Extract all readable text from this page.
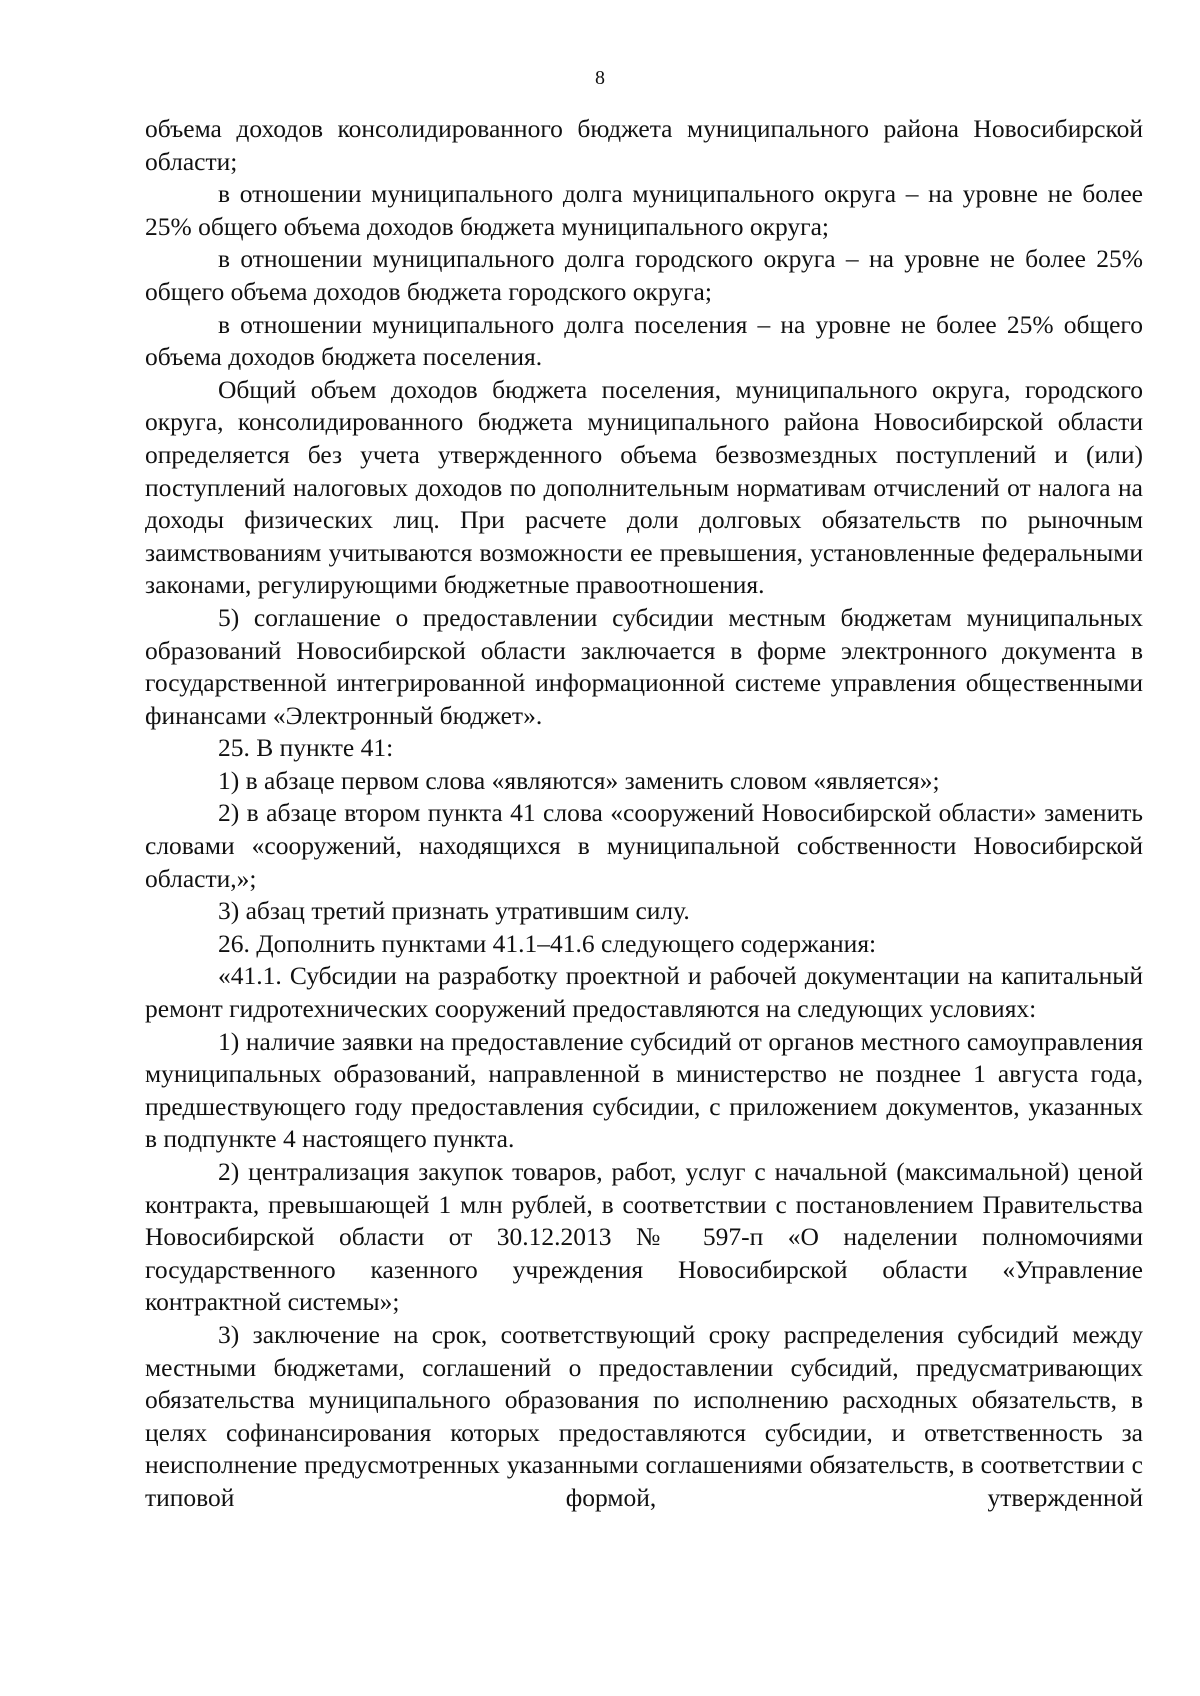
8

объема доходов консолидированного бюджета муниципального района Новосибирской области;

в отношении муниципального долга муниципального округа – на уровне не более 25% общего объема доходов бюджета муниципального округа;

в отношении муниципального долга городского округа – на уровне не более 25% общего объема доходов бюджета городского округа;

в отношении муниципального долга поселения – на уровне не более 25% общего объема доходов бюджета поселения.

Общий объем доходов бюджета поселения, муниципального округа, городского округа, консолидированного бюджета муниципального района Новосибирской области определяется без учета утвержденного объема безвозмездных поступлений и (или) поступлений налоговых доходов по дополнительным нормативам отчислений от налога на доходы физических лиц. При расчете доли долговых обязательств по рыночным заимствованиям учитываются возможности ее превышения, установленные федеральными законами, регулирующими бюджетные правоотношения.

5) соглашение о предоставлении субсидии местным бюджетам муниципальных образований Новосибирской области заключается в форме электронного документа в государственной интегрированной информационной системе управления общественными финансами «Электронный бюджет».

25. В пункте 41:

1) в абзаце первом слова «являются» заменить словом «является»;

2) в абзаце втором пункта 41 слова «сооружений Новосибирской области» заменить словами «сооружений, находящихся в муниципальной собственности Новосибирской области,»;

3) абзац третий признать утратившим силу.

26. Дополнить пунктами 41.1–41.6 следующего содержания:

«41.1. Субсидии на разработку проектной и рабочей документации на капитальный ремонт гидротехнических сооружений предоставляются на следующих условиях:

1) наличие заявки на предоставление субсидий от органов местного самоуправления муниципальных образований, направленной в министерство не позднее 1 августа года, предшествующего году предоставления субсидии, с приложением документов, указанных в подпункте 4 настоящего пункта.

2) централизация закупок товаров, работ, услуг с начальной (максимальной) ценой контракта, превышающей 1 млн рублей, в соответствии с постановлением Правительства Новосибирской области от 30.12.2013 № 597-п «О наделении полномочиями государственного казенного учреждения Новосибирской области «Управление контрактной системы»;

3) заключение на срок, соответствующий сроку распределения субсидий между местными бюджетами, соглашений о предоставлении субсидий, предусматривающих обязательства муниципального образования по исполнению расходных обязательств, в целях софинансирования которых предоставляются субсидии, и ответственность за неисполнение предусмотренных указанными соглашениями обязательств, в соответствии с типовой формой, утвержденной
